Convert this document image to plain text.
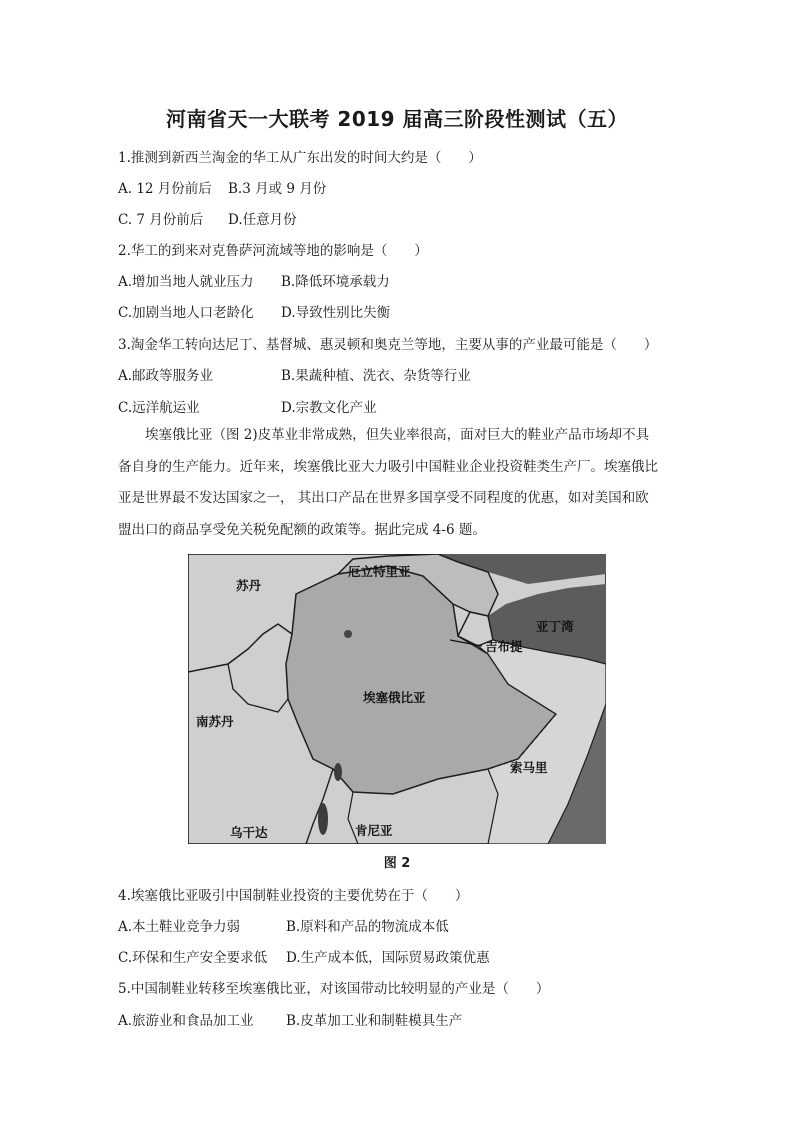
河南省天一大联考 2019 届高三阶段性测试（五）
1.推测到新西兰淘金的华工从广东出发的时间大约是（　　）
A. 12 月份前后 B.3 月或 9 月份
C. 7 月份前后 D.任意月份
2.华工的到来对克鲁萨河流域等地的影响是（　　）
A.增加当地人就业压力 B.降低环境承载力
C.加剧当地人口老龄化 D.导致性别比失衡
3.淘金华工转向达尼丁、基督城、惠灵顿和奥克兰等地，主要从事的产业最可能是（　　）
A.邮政等服务业	B.果蔬种植、洗衣、杂货等行业
C.远洋航运业	D.宗教文化产业
　　埃塞俄比亚（图 2)皮革业非常成熟，但失业率很高，面对巨大的鞋业产品市场却不具
备自身的生产能力。近年来，埃塞俄比亚大力吸引中国鞋业企业投资鞋类生产厂。埃塞俄比
亚是世界最不发达国家之一， 其出口产品在世界多国享受不同程度的优惠，如对美国和欧
盟出口的商品享受免关税免配额的政策等。据此完成 4-6 题。
厄立特里亚
苏丹
亚丁湾
吉布提
埃塞俄比亚
南苏丹
索马里
乌干达	肯尼亚
图 2
4.埃塞俄比亚吸引中国制鞋业投资的主要优势在于（　　）
A.本土鞋业竞争力弱	B.原料和产品的物流成本低
C.环保和生产安全要求低 D.生产成本低，国际贸易政策优惠
5.中国制鞋业转移至埃塞俄比亚，对该国带动比较明显的产业是（　　）
A.旅游业和食品加工业 B.皮革加工业和制鞋模具生产
